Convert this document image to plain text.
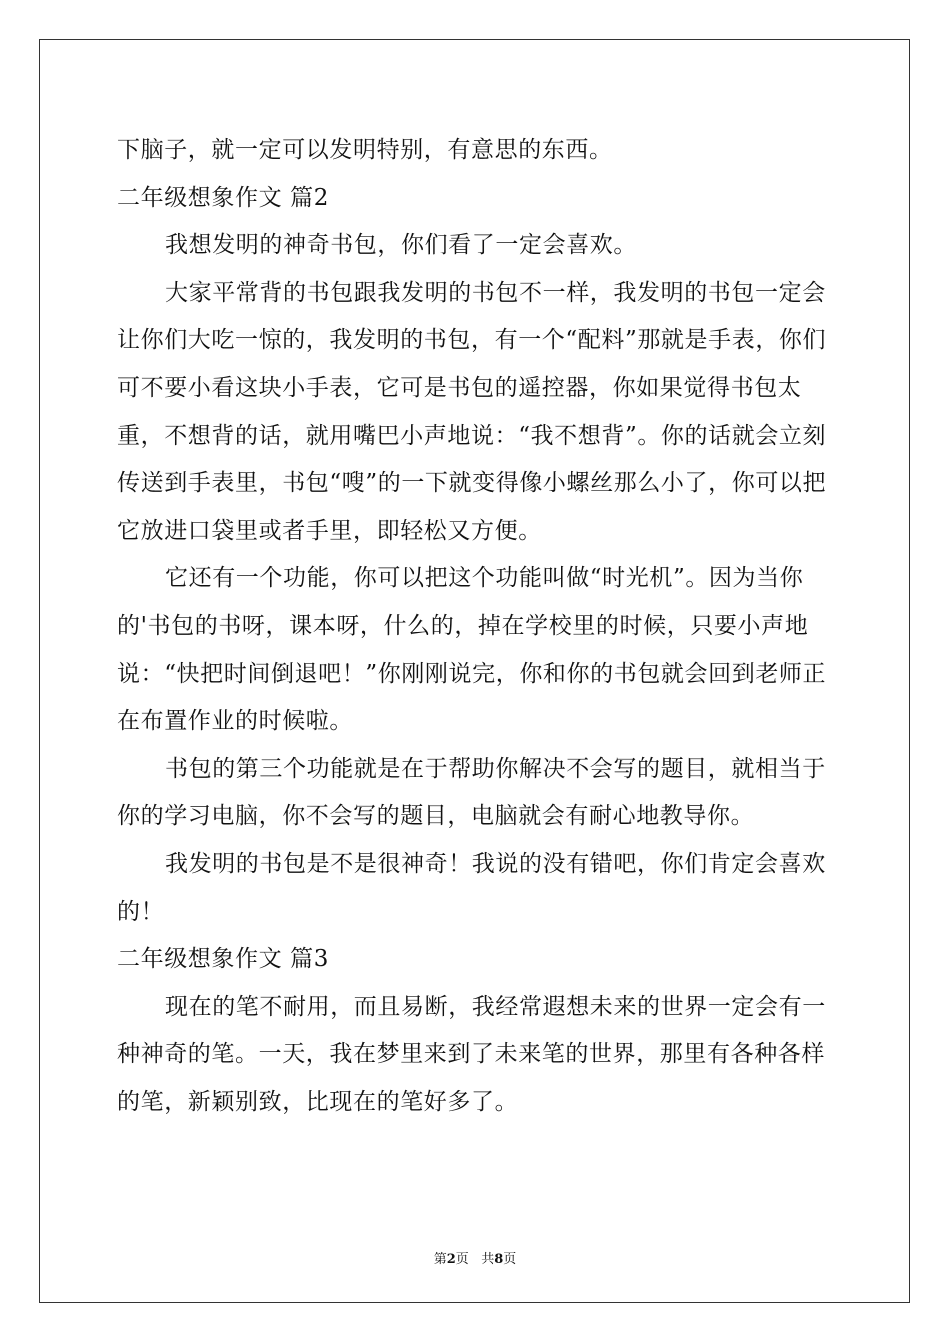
下脑子，就一定可以发明特别，有意思的东西。

二年级想象作文 篇2

我想发明的神奇书包，你们看了一定会喜欢。

大家平常背的书包跟我发明的书包不一样，我发明的书包一定会让你们大吃一惊的，我发明的书包，有一个“配料”那就是手表，你们可不要小看这块小手表，它可是书包的遥控器，你如果觉得书包太重，不想背的话，就用嘴巴小声地说：“我不想背”。你的话就会立刻传送到手表里，书包“嗖”的一下就变得像小螺丝那么小了，你可以把它放进口袋里或者手里，即轻松又方便。

它还有一个功能，你可以把这个功能叫做“时光机”。因为当你的'书包的书呀，课本呀，什么的，掉在学校里的时候，只要小声地说：“快把时间倒退吧！”你刚刚说完，你和你的书包就会回到老师正在布置作业的时候啦。

书包的第三个功能就是在于帮助你解决不会写的题目，就相当于你的学习电脑，你不会写的题目，电脑就会有耐心地教导你。

我发明的书包是不是很神奇！我说的没有错吧，你们肯定会喜欢的！

二年级想象作文 篇3

现在的笔不耐用，而且易断，我经常遐想未来的世界一定会有一种神奇的笔。一天，我在梦里来到了未来笔的世界，那里有各种各样的笔，新颖别致，比现在的笔好多了。

第2页   共8页
